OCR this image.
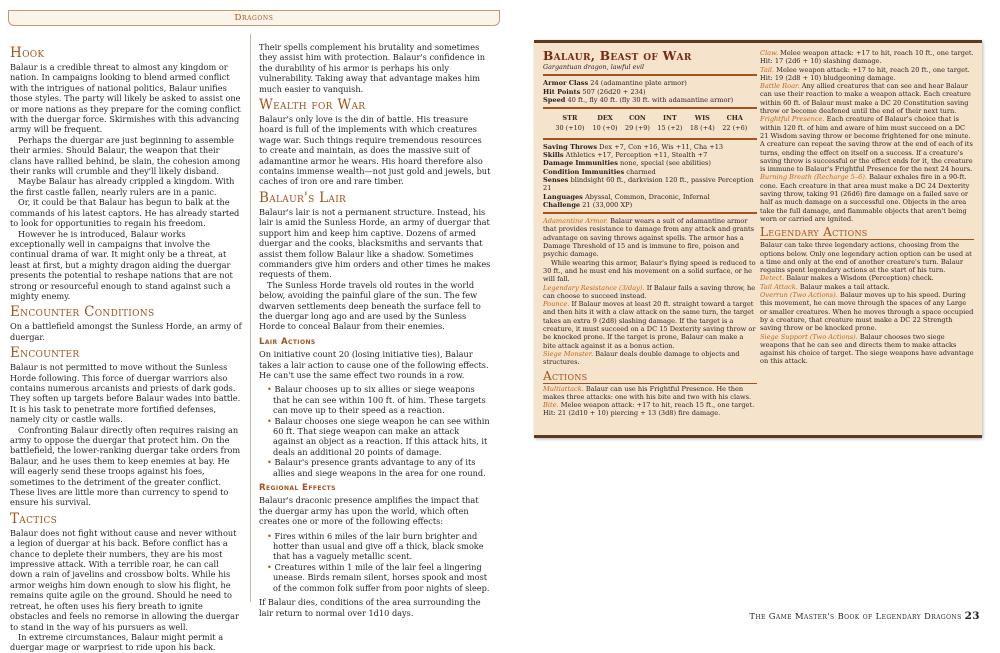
Dragons
Hook

Balaur is a credible threat to almost any kingdom or nation. In campaigns looking to blend armed conflict with the intrigues of national politics, Balaur unifies those styles. The party will likely be asked to assist one or more nations as they prepare for the coming conflict with the duergar force. Skirmishes with this advancing army will be frequent.

Perhaps the duergar are just beginning to assemble their armies. Should Balaur, the weapon that their clans have rallied behind, be slain, the cohesion among their ranks will crumble and they'll likely disband.

Maybe Balaur has already crippled a kingdom. With the first castle fallen, nearly rulers are in a panic.

Or, it could be that Balaur has begun to balk at the commands of his latest captors. He has already started to look for opportunities to regain his freedom.

However he is introduced, Balaur works exceptionally well in campaigns that involve the continual drama of war. It might only be a threat, at least at first, but a mighty dragon aiding the duergar presents the potential to reshape nations that are not strong or resourceful enough to stand against such a mighty enemy.

Encounter Conditions

On a battlefield amongst the Sunless Horde, an army of duergar.

Encounter

Balaur is not permitted to move without the Sunless Horde following. This force of duergar warriors also contains numerous arcanists and priests of dark gods. They soften up targets before Balaur wades into battle. It is his task to penetrate more fortified defenses, namely city or castle walls.

Confronting Balaur directly often requires raising an army to oppose the duergar that protect him. On the battlefield, the lower-ranking duergar take orders from Balaur, and he uses them to keep enemies at bay. He will eagerly send these troops against his foes, sometimes to the detriment of the greater conflict. These lives are little more than currency to spend to ensure his survival.

Tactics

Balaur does not fight without cause and never without a legion of duergar at his back. Before conflict has a chance to deplete their numbers, they are his most impressive attack. With a terrible roar, he can call down a rain of javelins and crossbow bolts. While his armor weighs him down enough to slow his flight, he remains quite agile on the ground. Should he need to retreat, he often uses his fiery breath to ignite obstacles and feels no remorse in allowing the duergar to stand in the way of his pursuers as well.

In extreme circumstances, Balaur might permit a duergar mage or warpriest to ride upon his back.

Their spells complement his brutality and sometimes they assist him with protection. Balaur's confidence in the durability of his armor is perhaps his only vulnerability. Taking away that advantage makes him much easier to vanquish.

Wealth for War

Balaur's only love is the din of battle. His treasure hoard is full of the implements with which creatures wage war. Such things require tremendous resources to create and maintain, as does the massive suit of adamantine armor he wears. His hoard therefore also contains immense wealth—not just gold and jewels, but caches of iron ore and rare timber.

Balaur's Lair

Balaur's lair is not a permanent structure. Instead, his lair is amid the Sunless Horde, an army of duergar that support him and keep him captive. Dozens of armed duergar and the cooks, blacksmiths and servants that assist them follow Balaur like a shadow. Sometimes commanders give him orders and other times he makes requests of them.

The Sunless Horde travels old routes in the world below, avoiding the painful glare of the sun. The few dwarven settlements deep beneath the surface fell to the duergar long ago and are used by the Sunless Horde to conceal Balaur from their enemies.

Lair Actions

On initiative count 20 (losing initiative ties), Balaur takes a lair action to cause one of the following effects. He can't use the same effect two rounds in a row.

• Balaur chooses up to six allies or siege weapons that he can see within 100 ft. of him. These targets can move up to their speed as a reaction.
• Balaur chooses one siege weapon he can see within 60 ft. That siege weapon can make an attack against an object as a reaction. If this attack hits, it deals an additional 20 points of damage.
• Balaur's presence grants advantage to any of its allies and siege weapons in the area for one round.
Regional Effects

Balaur's draconic presence amplifies the impact that the duergar army has upon the world, which often creates one or more of the following effects:

• Fires within 6 miles of the lair burn brighter and hotter than usual and give off a thick, black smoke that has a vaguely metallic scent.
• Creatures within 1 mile of the lair feel a lingering unease. Birds remain silent, horses spook and most of the common folk suffer from poor nights of sleep.

If Balaur dies, conditions of the area surrounding the lair return to normal over 1d10 days.

Balaur, Beast of War

Gargantuan dragon, lawful evil

Armor Class 24 (adamantine plate armor)

Hit Points 507 (26d20 + 234)

Speed 40 ft., fly 40 ft. (fly 30 ft. with adamantine armor)

STR	DEX	CON	INT	WIS	CHA
30 (+10)	10 (+0)	29 (+9)	15 (+2)	18 (+4)	22 (+6)

Saving Throws Dex +7, Con +16, Wis +11, Cha +13

Skills Athletics +17, Perception +11, Stealth +7

Damage Immunities none, special (see abilities)

Condition Immunities charmed

Senses blindsight 60 ft., darkvision 120 ft., passive Perception 21

Languages Abyssal, Common, Draconic, Infernal

Challenge 21 (33,000 XP)

Adamantine Armor. Balaur wears a suit of adamantine armor that provides resistance to damage from any attack and grants advantage on saving throws against spells. The armor has a Damage Threshold of 15 and is immune to fire, poison and psychic damage.

While wearing this armor, Balaur's flying speed is reduced to 30 ft., and he must end his movement on a solid surface, or he will fall.

Legendary Resistance (3/day). If Balaur fails a saving throw, he can choose to succeed instead.

Pounce. If Balaur moves at least 20 ft. straight toward a target and then hits it with a claw attack on the same turn, the target takes an extra 9 (2d8) slashing damage. If the target is a creature, it must succeed on a DC 15 Dexterity saving throw or be knocked prone. If the target is prone, Balaur can make a bite attack against it as a bonus action.

Siege Monster. Balaur deals double damage to objects and structures.

Actions

Multiattack. Balaur can use his Frightful Presence. He then makes three attacks: one with his bite and two with his claws.

Bite. Melee weapon attack: +17 to hit, reach 15 ft., one target. Hit: 21 (2d10 + 10) piercing + 13 (3d8) fire damage.

Claw. Melee weapon attack: +17 to hit, reach 10 ft., one target. Hit: 17 (2d6 + 10) slashing damage.

Tail. Melee weapon attack: +17 to hit, reach 20 ft., one target. Hit: 19 (2d8 + 10) bludgeoning damage.

Battle Roar. Any allied creatures that can see and hear Balaur can use their reaction to make a weapon attack. Each creature within 60 ft. of Balaur must make a DC 20 Constitution saving throw or become deafened until the end of their next turn.

Frightful Presence. Each creature of Balaur's choice that is within 120 ft. of him and aware of him must succeed on a DC 21 Wisdom saving throw or become frightened for one minute. A creature can repeat the saving throw at the end of each of its turns, ending the effect on itself on a success. If a creature's saving throw is successful or the effect ends for it, the creature is immune to Balaur's Frightful Presence for the next 24 hours.

Burning Breath (Recharge 5–6). Balaur exhales fire in a 90-ft. cone. Each creature in that area must make a DC 24 Dexterity saving throw, taking 91 (26d6) fire damage on a failed save or half as much damage on a successful one. Objects in the area take the full damage, and flammable objects that aren't being worn or carried are ignited.

Legendary Actions

Balaur can take three legendary actions, choosing from the options below. Only one legendary action option can be used at a time and only at the end of another creature's turn. Balaur regains spent legendary actions at the start of his turn.

Detect. Balaur makes a Wisdom (Perception) check.

Tail Attack. Balaur makes a tail attack.

Overrun (Two Actions). Balaur moves up to his speed. During this movement, he can move through the spaces of any Large or smaller creatures. When he moves through a space occupied by a creature, that creature must make a DC 22 Strength saving throw or be knocked prone.

Siege Support (Two Actions). Balaur chooses two siege weapons that he can see and directs them to make attacks against his choice of target. The siege weapons have advantage on this attack.

The Game Master's Book of Legendary Dragons 23
